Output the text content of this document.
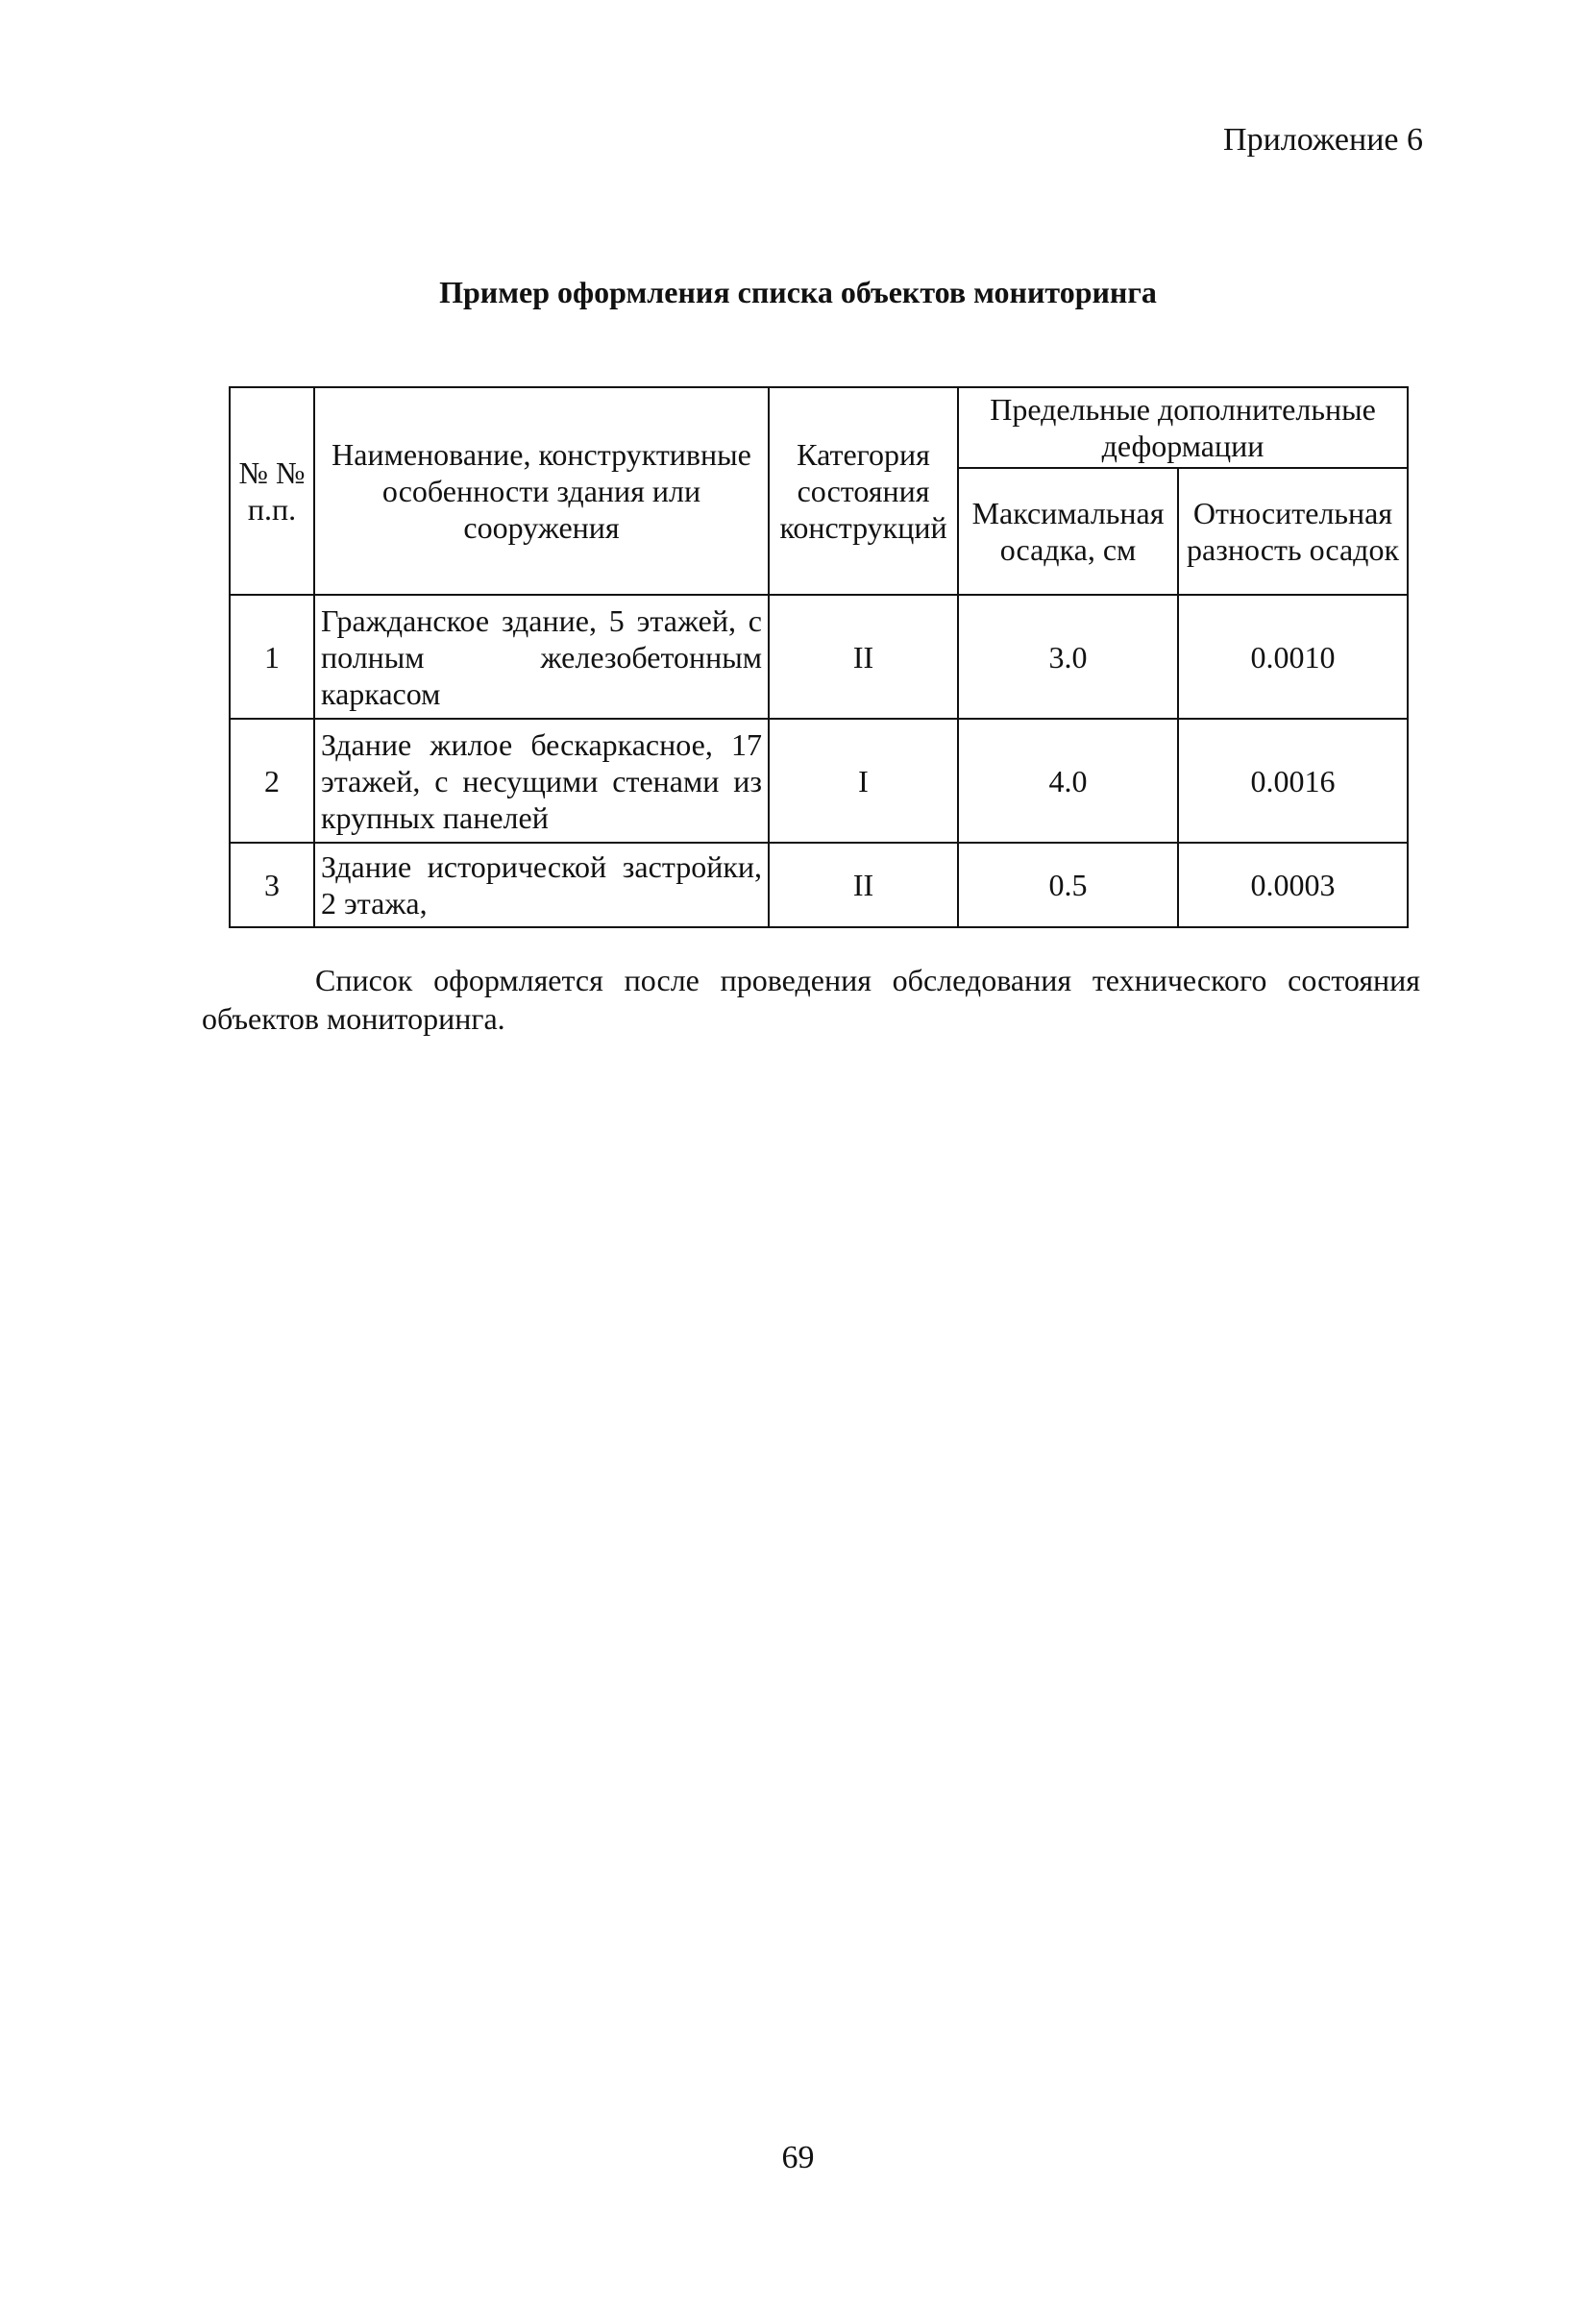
Приложение 6
Пример оформления списка объектов мониторинга
№ № п.п.	Наименование, конструктивные особенности здания или сооружения	Категория состояния конструкций	Предельные дополнительные деформации	
			Максимальная осадка, см	Относительная разность осадок
1	Гражданское здание, 5 этажей, с полным железобетонным каркасом	II	3.0	0.0010
2	Здание жилое бескаркасное, 17 этажей, с несущими стенами из крупных панелей	I	4.0	0.0016
3	Здание исторической застройки, 2 этажа,	II	0.5	0.0003
Список оформляется после проведения обследования технического состояния объектов мониторинга.
69
